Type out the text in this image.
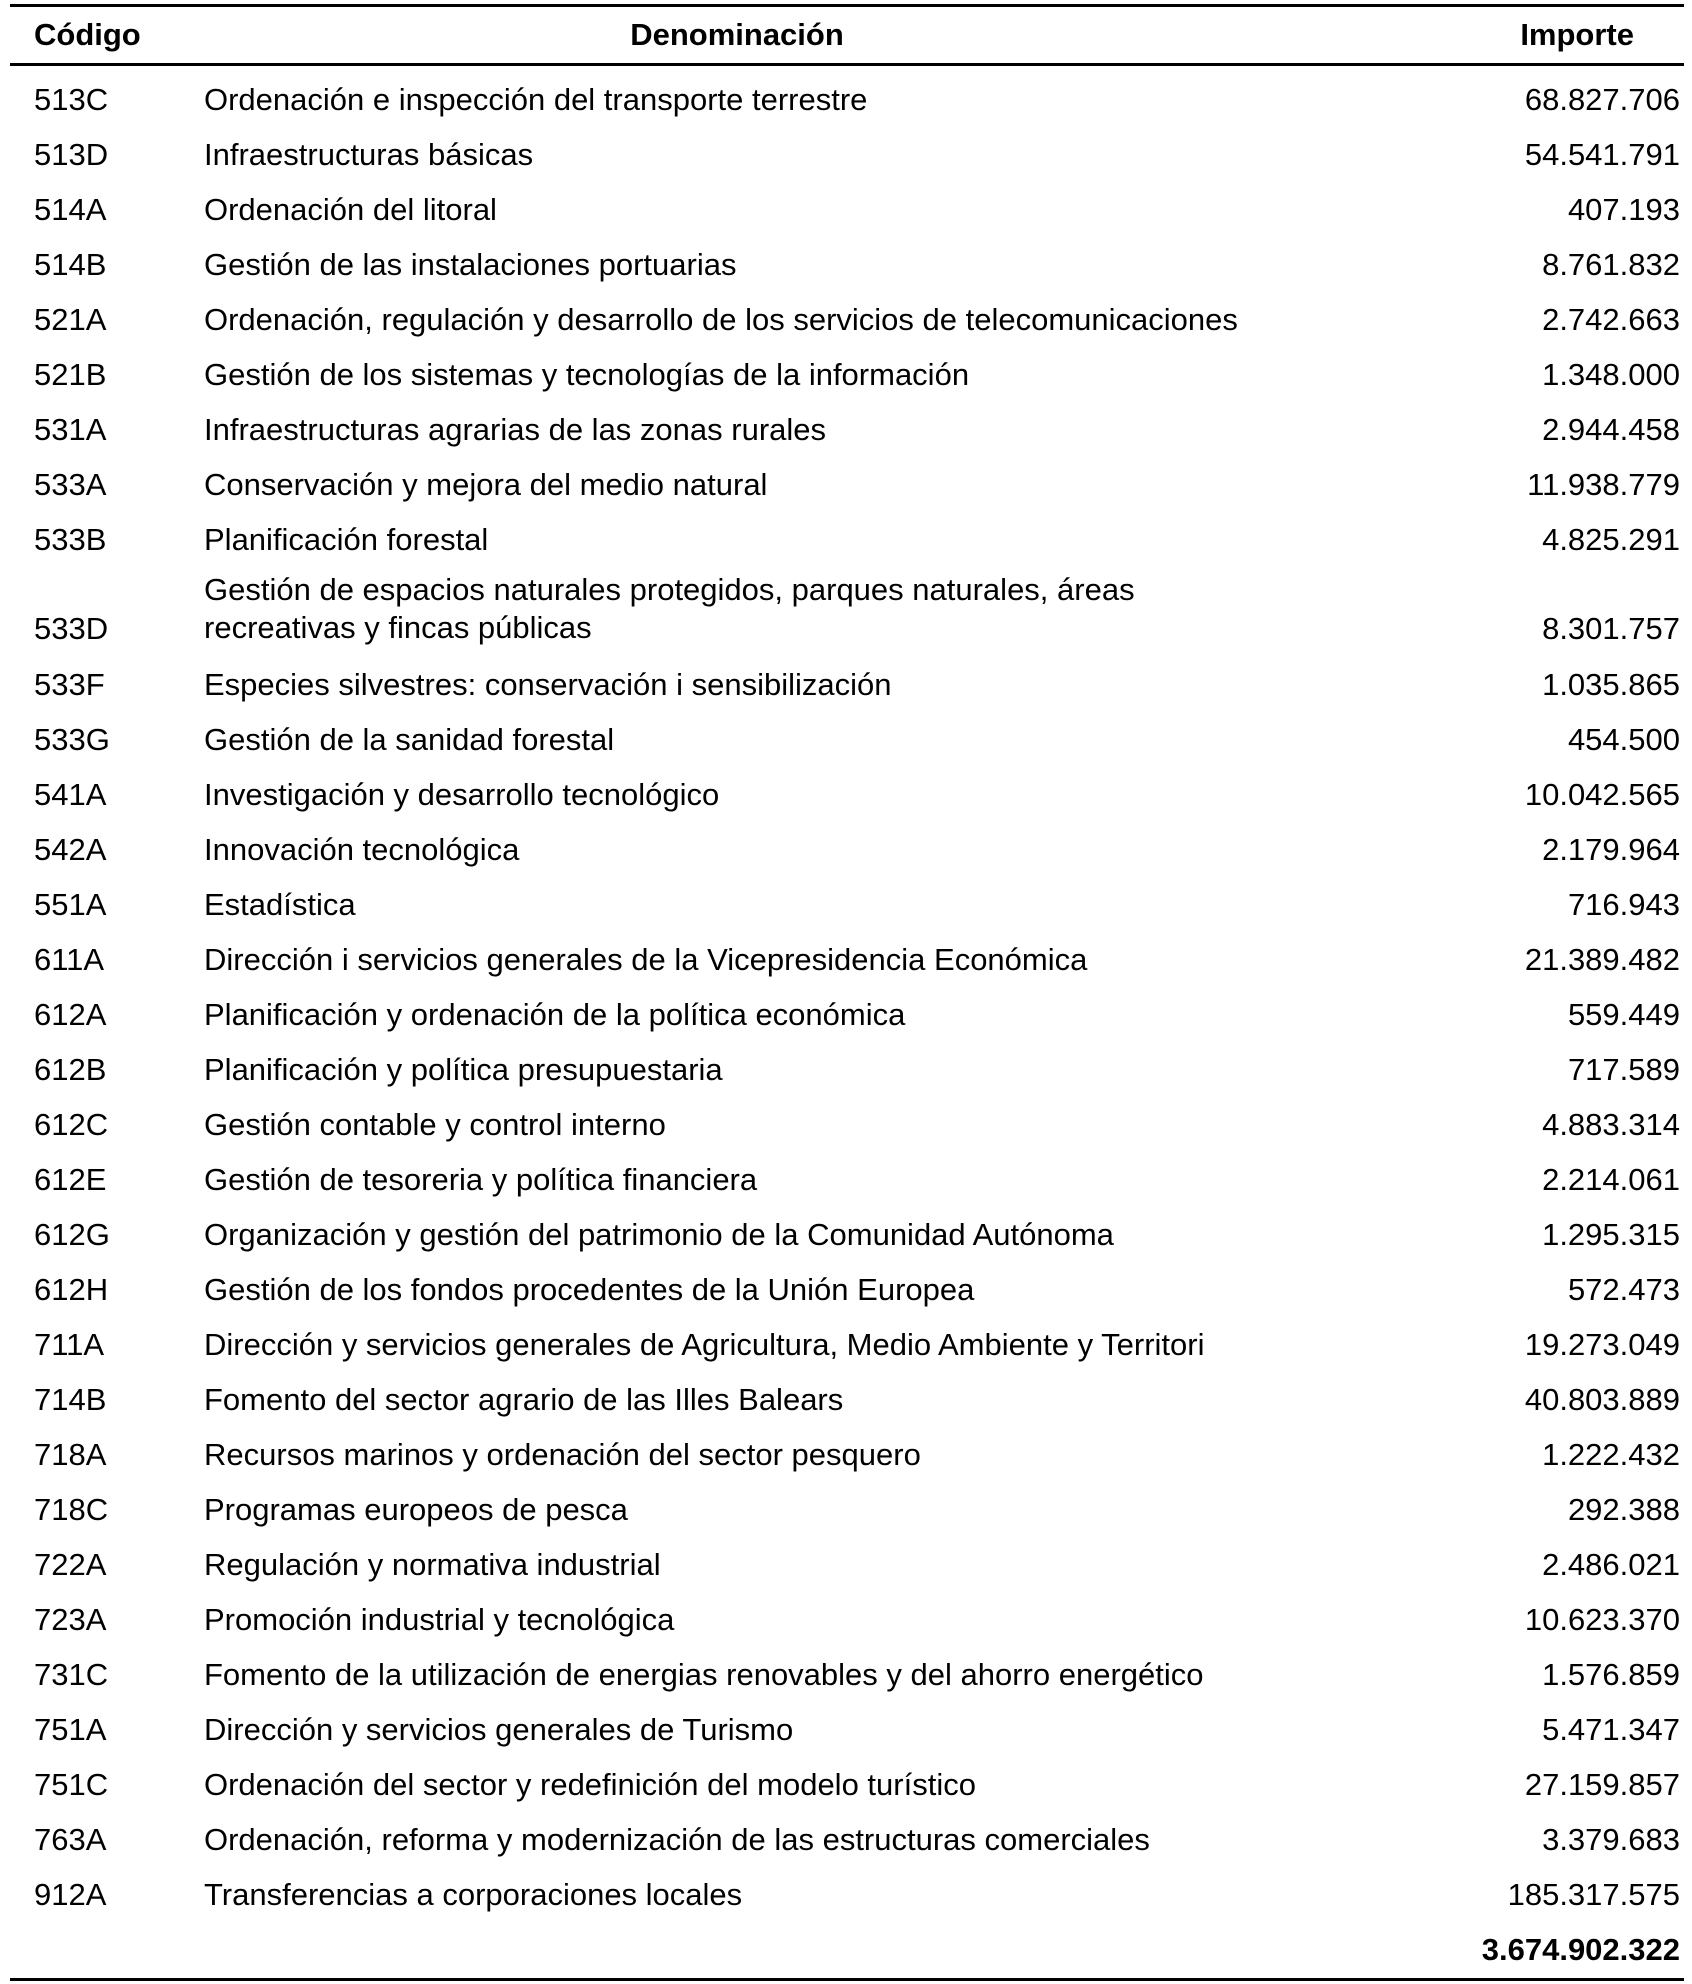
Código	Denominación	Importe
513C	Ordenación e inspección del transporte terrestre	68.827.706
513D	Infraestructuras básicas	54.541.791
514A	Ordenación del litoral	407.193
514B	Gestión de las instalaciones portuarias	8.761.832
521A	Ordenación, regulación y desarrollo de los servicios de telecomunicaciones	2.742.663
521B	Gestión de los sistemas y tecnologías de la información	1.348.000
531A	Infraestructuras agrarias de las zonas rurales	2.944.458
533A	Conservación y mejora del medio natural	11.938.779
533B	Planificación forestal	4.825.291
533D	Gestión de espacios naturales protegidos, parques naturales, áreas
recreativas y fincas públicas	8.301.757
533F	Especies silvestres: conservación i sensibilización	1.035.865
533G	Gestión de la sanidad forestal	454.500
541A	Investigación y desarrollo tecnológico	10.042.565
542A	Innovación tecnológica	2.179.964
551A	Estadística	716.943
611A	Dirección i servicios generales de la Vicepresidencia Económica	21.389.482
612A	Planificación y ordenación de la política económica	559.449
612B	Planificación y política presupuestaria	717.589
612C	Gestión contable y control interno	4.883.314
612E	Gestión de tesoreria y política financiera	2.214.061
612G	Organización y gestión del patrimonio de la Comunidad Autónoma	1.295.315
612H	Gestión de los fondos procedentes de la Unión Europea	572.473
711A	Dirección y servicios generales de Agricultura, Medio Ambiente y Territori	19.273.049
714B	Fomento del sector agrario de las Illes Balears	40.803.889
718A	Recursos marinos y ordenación del sector pesquero	1.222.432
718C	Programas europeos de pesca	292.388
722A	Regulación y normativa industrial	2.486.021
723A	Promoción industrial y tecnológica	10.623.370
731C	Fomento de la utilización de energias renovables y del ahorro energético	1.576.859
751A	Dirección y servicios generales de Turismo	5.471.347
751C	Ordenación del sector y redefinición del modelo turístico	27.159.857
763A	Ordenación, reforma y modernización de las estructuras comerciales	3.379.683
912A	Transferencias a corporaciones locales	185.317.575
		3.674.902.322
